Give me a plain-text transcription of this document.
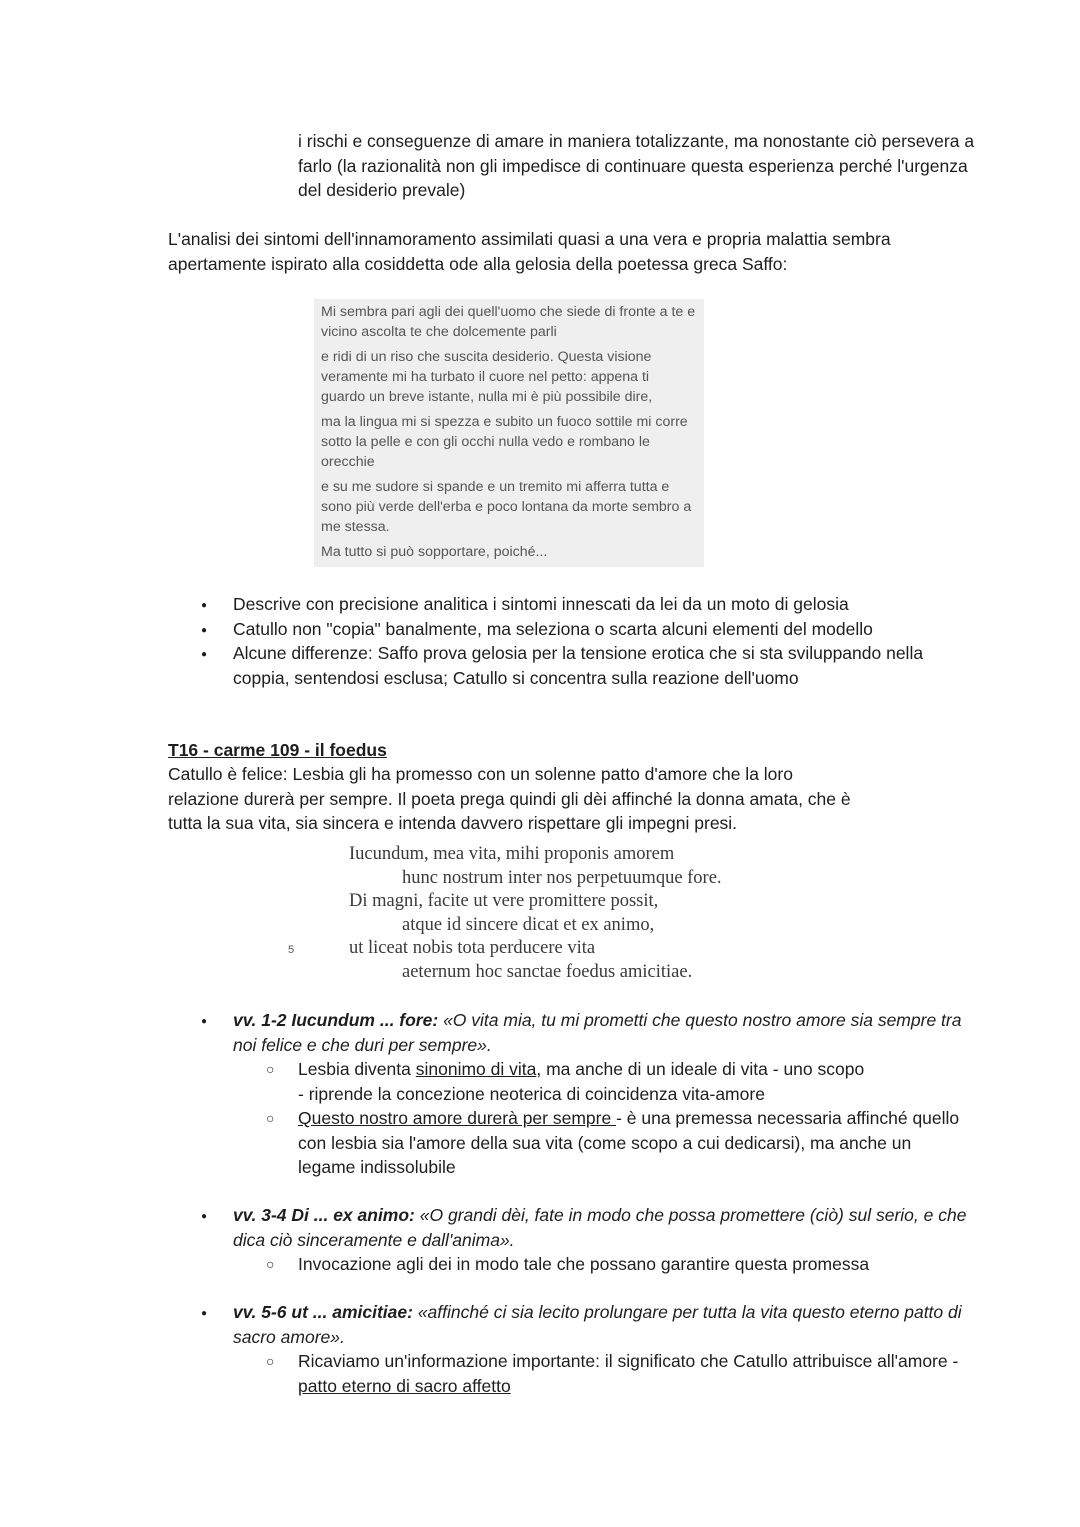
i rischi e conseguenze di amare in maniera totalizzante, ma nonostante ciò persevera a farlo (la razionalità non gli impedisce di continuare questa esperienza perché l'urgenza del desiderio prevale)

L'analisi dei sintomi dell'innamoramento assimilati quasi a una vera e propria malattia sembra apertamente ispirato alla cosiddetta ode alla gelosia della poetessa greca Saffo:

Mi sembra pari agli dei quell'uomo che siede di fronte a te e vicino ascolta te che dolcemente parli

e ridi di un riso che suscita desiderio. Questa visione veramente mi ha turbato il cuore nel petto: appena ti guardo un breve istante, nulla mi è più possibile dire,

ma la lingua mi si spezza e subito un fuoco sottile mi corre sotto la pelle e con gli occhi nulla vedo e rombano le orecchie

e su me sudore si spande e un tremito mi afferra tutta e sono più verde dell'erba e poco lontana da morte sembro a me stessa.

Ma tutto si può sopportare, poiché...

●
Descrive con precisione analitica i sintomi innescati da lei da un moto di gelosia
●
Catullo non "copia" banalmente, ma seleziona o scarta alcuni elementi del modello
●
Alcune differenze: Saffo prova gelosia per la tensione erotica che si sta sviluppando nella coppia, sentendosi esclusa; Catullo si concentra sulla reazione dell'uomo
T16 - carme 109 - il foedus

Catullo è felice: Lesbia gli ha promesso con un solenne patto d'amore che la loro relazione durerà per sempre. Il poeta prega quindi gli dèi affinché la donna amata, che è tutta la sua vita, sia sincera e intenda davvero rispettare gli impegni presi.

Iucundum, mea vita, mihi proponis amorem
hunc nostrum inter nos perpetuumque fore.
Di magni, facite ut vere promittere possit,
atque id sincere dicat et ex animo,
5	ut liceat nobis tota perducere vita
aeternum hoc sanctae foedus amicitiae.
●
vv. 1-2 Iucundum ... fore: «O vita mia, tu mi prometti che questo nostro amore sia sempre tra noi felice e che duri per sempre».
○ Lesbia diventa sinonimo di vita, ma anche di un ideale di vita - uno scopo
- riprende la concezione neoterica di coincidenza vita-amore
○ Questo nostro amore durerà per sempre - è una premessa necessaria affinché quello con lesbia sia l'amore della sua vita (come scopo a cui dedicarsi), ma anche un legame indissolubile
●
vv. 3-4 Di ... ex animo: «O grandi dèi, fate in modo che possa promettere (ciò) sul serio, e che dica ciò sinceramente e dall'anima».
○ Invocazione agli dei in modo tale che possano garantire questa promessa
●
vv. 5-6 ut ... amicitiae: «affinché ci sia lecito prolungare per tutta la vita questo eterno patto di sacro amore».
○ Ricaviamo un'informazione importante: il significato che Catullo attribuisce all'amore - patto eterno di sacro affetto
